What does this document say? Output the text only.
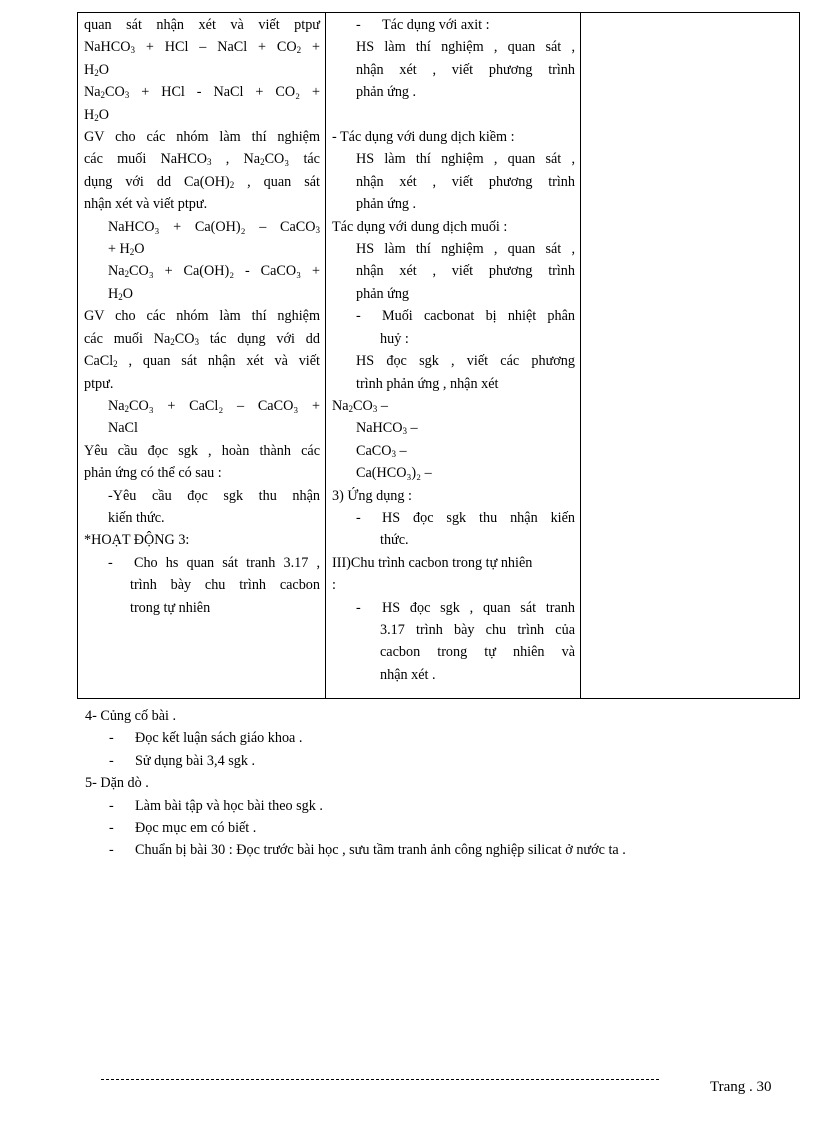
quan sát nhận xét và viết ptpư
NaHCO$_3$ + HCl – NaCl + $CO_2$ +
$H_2O$
$Na_2CO_3$ + HCl - NaCl + CO₂ +
$H_2O$
GV cho các nhóm làm thí nghiệm
các muối NaHCO$_3$ , $Na_2CO_3$ tác
dụng với dd $Ca(OH)_2$ , quan sát
nhận xét và viết ptpư.
NaHCO₃ + Ca(OH)₂ – CaCO$_3$
+ $H_2O$
$Na_2CO_3 + Ca(OH)_2$ - CaCO₃ +
$H_2O$
GV cho các nhóm làm thí nghiệm
các muối $Na_2CO_3$ tác dụng với dd
CaCl$_2$ , quan sát nhận xét và viết
ptpư.
$Na_2CO_3$ + CaCl₂ – CaCO₃ +
NaCl
Yêu cầu đọc sgk , hoàn thành các
phản ứng có thể có sau :
-Yêu cầu đọc sgk thu nhận
kiến thức.
*HOẠT ĐỘNG 3:
- Cho hs quan sát tranh 3.17 ,
trình bày chu trình cacbon
trong tự nhiên

- Tác dụng với axit :
HS làm thí nghiệm , quan sát ,
nhận xét , viết phương trình
phản ứng .

- Tác dụng với dung dịch kiềm :
HS làm thí nghiệm , quan sát ,
nhận xét , viết phương trình
phản ứng .
Tác dụng với dung dịch muối :
HS làm thí nghiệm , quan sát ,
nhận xét , viết phương trình
phản ứng
- Muối cacbonat bị nhiệt phân
huỷ :
HS đọc sgk , viết các phương
trình phản ứng , nhận xét
$Na_2CO_3$ –
NaHCO$_3$ –
CaCO$_3$ –
Ca(HCO₃)₂ –
3) Ứng dụng :
- HS đọc sgk thu nhận kiến
thức.
III)Chu trình cacbon trong tự nhiên
:
- HS đọc sgk , quan sát tranh
3.17 trình bày chu trình của
cacbon trong tự nhiên và
nhận xét .

4- Củng cố bài .
- Đọc kết luận sách giáo khoa .
- Sử dụng bài 3,4 sgk .
5- Dặn dò .
- Làm bài tập và học bài theo sgk .
- Đọc mục em có biết .
- Chuẩn bị bài 30 : Đọc trước bài học , sưu tầm tranh ảnh công nghiệp silicat ở nước ta .
Trang . 30
